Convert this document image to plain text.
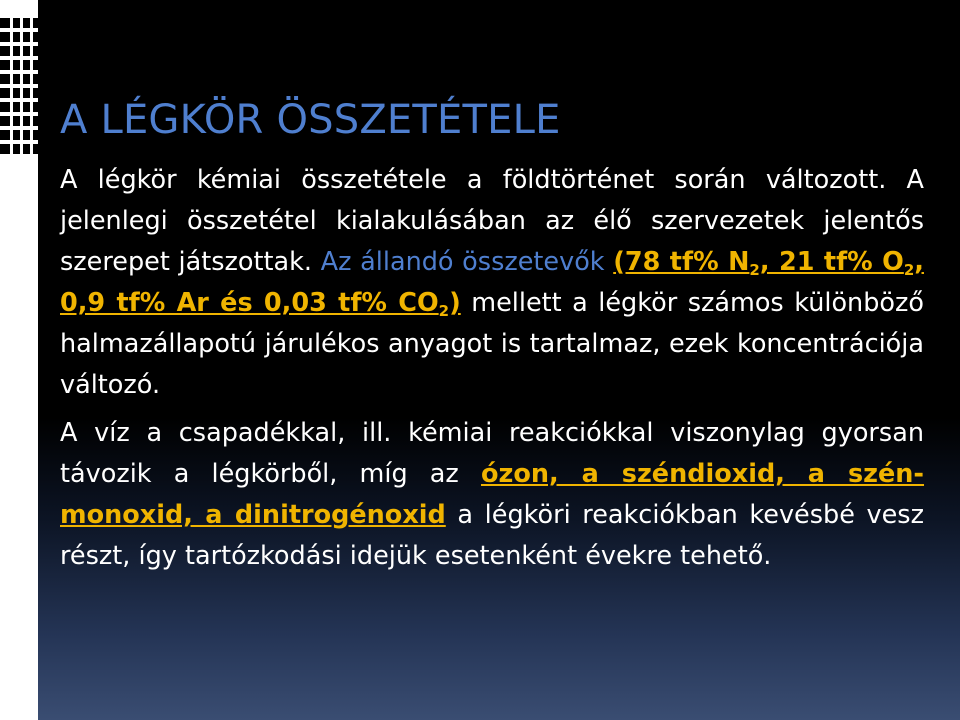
A LÉGKÖR ÖSSZETÉTELE

A légkör kémiai összetétele a földtörténet során változott. A jelenlegi összetétel kialakulásában az élő szervezetek jelentős szerepet játszottak. Az állandó összetevők (78 tf% $N_2$, 21 tf% $O_2$, 0,9 tf% Ar és 0,03 tf% $CO_2$) mellett a légkör számos különböző halmazállapotú járulékos anyagot is tartalmaz, ezek koncentrációja változó.

A víz a csapadékkal, ill. kémiai reakciókkal viszonylag gyorsan távozik a légkörből, míg az ózon, a széndioxid, a szén-monoxid, a dinitrogénoxid a légköri reakciókban kevésbé vesz részt, így tartózkodási idejük esetenként évekre tehető.
